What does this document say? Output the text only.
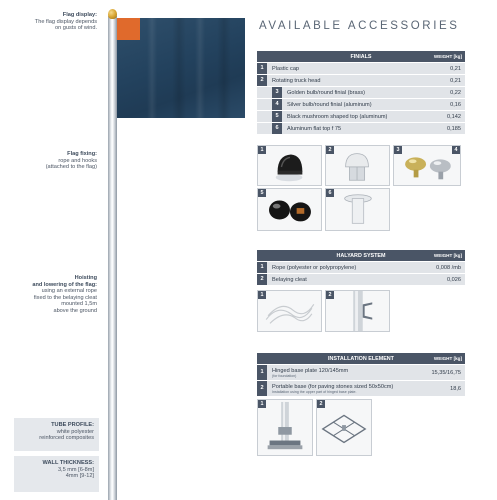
Flag display:
The flag display depends
on gusts of wind.
Flag fixing:
rope and hooks
(attached to the flag)
Hoisting
and lowering of the flag:
using an external rope
fixed to the belaying cleat
mounted 1,5m
above the ground
TUBE PROFILE:
white polyester
reinforced composites
WALL THICKNESS:
3,5 mm [6-8m]
4mm [9-12]
AVAILABLE ACCESSORIES
FINIALS	WEIGHT [kg]
1	Plastic cap	0,21
2	Rotating truck head	0,21
3	Golden bulb/round finial (brass)	0,22
4	Silver bulb/round finial (aluminum)	0,16
5	Black mushroom shaped top (aluminum)	0,142
6	Aluminum flat top f 75	0,185
1	2	3	4
5	6
HALYARD SYSTEM	WEIGHT [kg]
1	Rope (polyester or polypropylene)	0,008 /mb
2	Belaying cleat	0,026
1	2
INSTALLATION ELEMENT	WEIGHT [kg]
1	Hinged base plate 120/145mm
(for foundation)	15,35/16,75
2	Portable base (for paving stones sized 50x50cm)
Installation using the upper part of hinged base plate.	18,6
1	2
